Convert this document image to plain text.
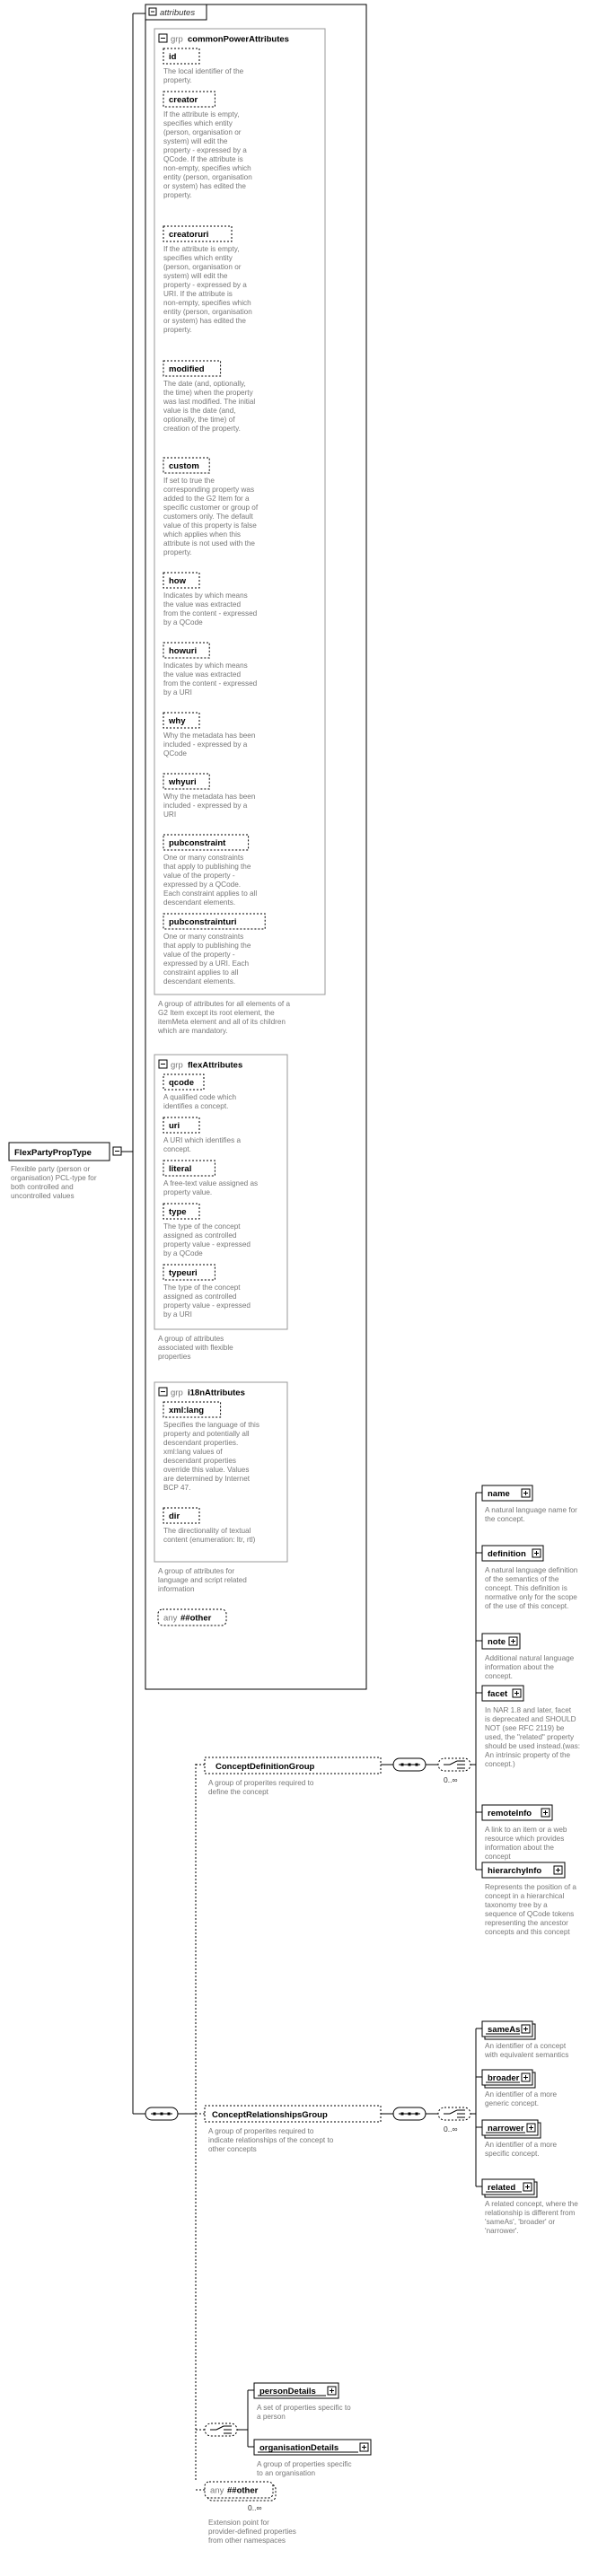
FlexPartyPropType
Flexible party (person or
organisation) PCL-type for
both controlled and
uncontrolled values
attributes
id
The local identifier of the
property.
creator
If the attribute is empty,
specifies which entity
(person, organisation or
system) will edit the
property - expressed by a
QCode. If the attribute is
non-empty, specifies which
entity (person, organisation
or system) has edited the
property.
creatoruri
If the attribute is empty,
specifies which entity
(person, organisation or
system) will edit the
property - expressed by a
URI. If the attribute is
non-empty, specifies which
entity (person, organisation
or system) has edited the
property.
modified
The date (and, optionally,
the time) when the property
was last modified. The initial
value is the date (and,
optionally, the time) of
creation of the property.
custom
If set to true the
corresponding property was
added to the G2 Item for a
specific customer or group of
customers only. The default
value of this property is false
which applies when this
attribute is not used with the
property.
how
Indicates by which means
the value was extracted
from the content - expressed
by a QCode
howuri
Indicates by which means
the value was extracted
from the content - expressed
by a URI
why
Why the metadata has been
included - expressed by a
QCode
whyuri
Why the metadata has been
included - expressed by a
URI
pubconstraint
One or many constraints
that apply to publishing the
value of the property -
expressed by a QCode.
Each constraint applies to all
descendant elements.
pubconstrainturi
One or many constraints
that apply to publishing the
value of the property -
expressed by a URI. Each
constraint applies to all
descendant elements.
grp commonPowerAttributes
A group of attributes for all elements of a
G2 Item except its root element, the
itemMeta element and all of its children
which are mandatory.
qcode
A qualified code which
identifies a concept.
uri
A URI which identifies a
concept.
literal
A free-text value assigned as
property value.
type
The type of the concept
assigned as controlled
property value - expressed
by a QCode
typeuri
The type of the concept
assigned as controlled
property value - expressed
by a URI
grp flexAttributes
A group of attributes
associated with flexible
properties
xml:lang
Specifies the language of this
property and potentially all
descendant properties.
xml:lang values of
descendant properties
override this value. Values
are determined by Internet
BCP 47.
dir
The directionality of textual
content (enumeration: ltr, rtl)
grp i18nAttributes
A group of attributes for
language and script related
information
any ##other
ConceptDefinitionGroup
A group of properites required to
define the concept
0..∞
name
A natural language name for
the concept.
definition
A natural language definition
of the semantics of the
concept. This definition is
normative only for the scope
of the use of this concept.
note
Additional natural language
information about the
concept.
facet
In NAR 1.8 and later, facet
is deprecated and SHOULD
NOT (see RFC 2119) be
used, the "related" property
should be used instead.(was:
An intrinsic property of the
concept.)
remoteInfo
A link to an item or a web
resource which provides
information about the
concept
hierarchyInfo
Represents the position of a
concept in a hierarchical
taxonomy tree by a
sequence of QCode tokens
representing the ancestor
concepts and this concept
ConceptRelationshipsGroup
A group of properites required to
indicate relationships of the concept to
other concepts
0..∞
sameAs
An identifier of a concept
with equivalent semantics
broader
An identifier of a more
generic concept.
narrower
An identifier of a more
specific concept.
related
A related concept, where the
relationship is different from
'sameAs', 'broader' or
'narrower'.
personDetails
A set of properties specific to
a person
organisationDetails
A group of properties specific
to an organisation
any ##other
0..∞
Extension point for
provider-defined properties
from other namespaces
